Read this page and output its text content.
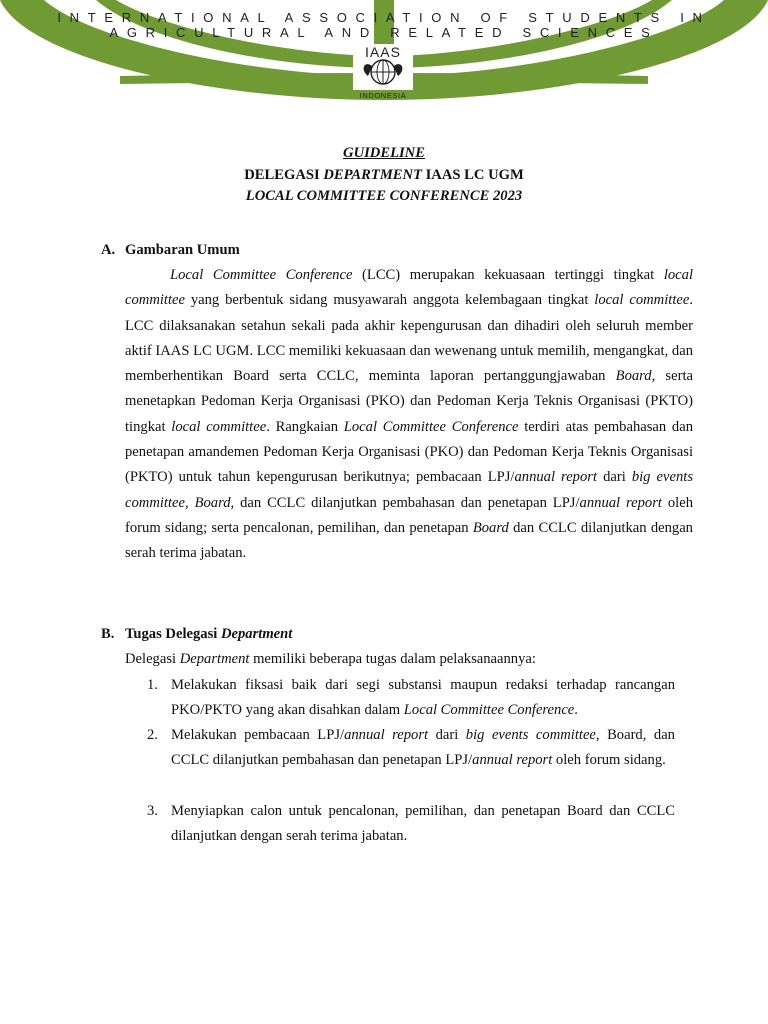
INTERNATIONAL ASSOCIATION OF STUDENTS IN
AGRICULTURAL AND RELATED SCIENCES
IAAS
INDONESIA
GUIDELINE
DELEGASI DEPARTMENT IAAS LC UGM
LOCAL COMMITTEE CONFERENCE 2023
A. Gambaran Umum

Local Committee Conference (LCC) merupakan kekuasaan tertinggi tingkat local committee yang berbentuk sidang musyawarah anggota kelembagaan tingkat local committee. LCC dilaksanakan setahun sekali pada akhir kepengurusan dan dihadiri oleh seluruh member aktif IAAS LC UGM. LCC memiliki kekuasaan dan wewenang untuk memilih, mengangkat, dan memberhentikan Board serta CCLC, meminta laporan pertanggungjawaban Board, serta menetapkan Pedoman Kerja Organisasi (PKO) dan Pedoman Kerja Teknis Organisasi (PKTO) tingkat local committee. Rangkaian Local Committee Conference terdiri atas pembahasan dan penetapan amandemen Pedoman Kerja Organisasi (PKO) dan Pedoman Kerja Teknis Organisasi (PKTO) untuk tahun kepengurusan berikutnya; pembacaan LPJ/annual report dari big events committee, Board, dan CCLC dilanjutkan pembahasan dan penetapan LPJ/annual report oleh forum sidang; serta pencalonan, pemilihan, dan penetapan Board dan CCLC dilanjutkan dengan serah terima jabatan.

B. Tugas Delegasi Department
Delegasi Department memiliki beberapa tugas dalam pelaksanaannya:
1. Melakukan fiksasi baik dari segi substansi maupun redaksi terhadap rancangan PKO/PKTO yang akan disahkan dalam Local Committee Conference.
2. Melakukan pembacaan LPJ/annual report dari big events committee, Board, dan CCLC dilanjutkan pembahasan dan penetapan LPJ/annual report oleh forum sidang.
3. Menyiapkan calon untuk pencalonan, pemilihan, dan penetapan Board dan CCLC dilanjutkan dengan serah terima jabatan.
